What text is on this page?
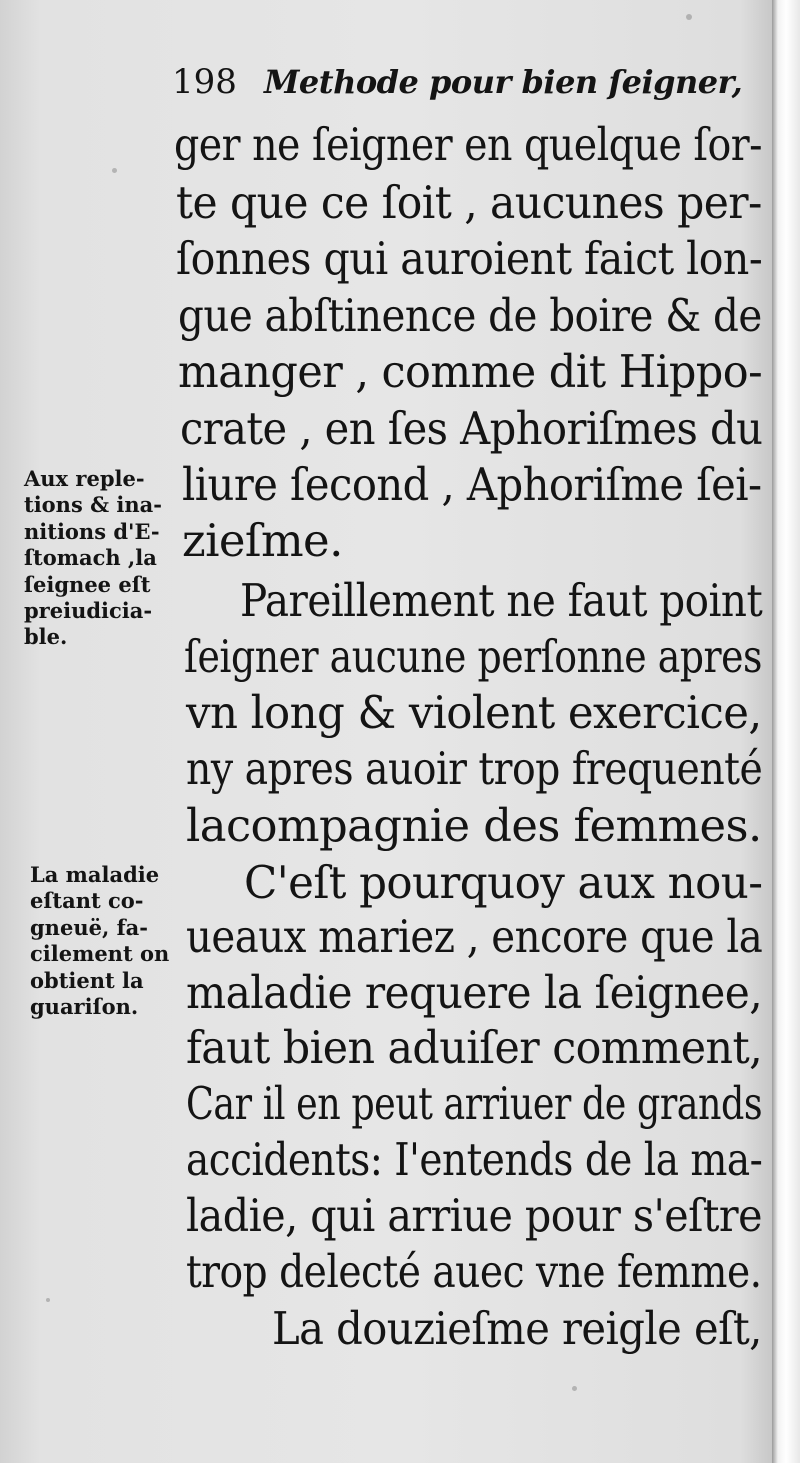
198 Methode pour bien ſeigner,
ger ne ſeigner en quelque ſor-
te que ce ſoit , aucunes per-
ſonnes qui auroient faict lon-
gue abſtinence de boire & de
manger , comme dit Hippo-
crate , en ſes Aphoriſmes du
liure ſecond , Aphoriſme ſei-
zieſme.
Pareillement ne faut point
ſeigner aucune perſonne apres
vn long & violent exercice,
ny apres auoir trop frequenté
lacompagnie des femmes.
C'eſt pourquoy aux nou-
ueaux mariez , encore que la
maladie requere la ſeignee,
faut bien aduiſer comment,
Car il en peut arriuer de grands
accidents: I'entends de la ma-
ladie, qui arriue pour s'eſtre
trop delecté auec vne femme.
La douzieſme reigle eſt,
Aux reple-
tions & ina-
nitions d'E-
ſtomach ,la
ſeignee eſt
preiudicia-
ble.
La maladie
eſtant co-
gneuë, fa-
cilement on
obtient la
guariſon.
